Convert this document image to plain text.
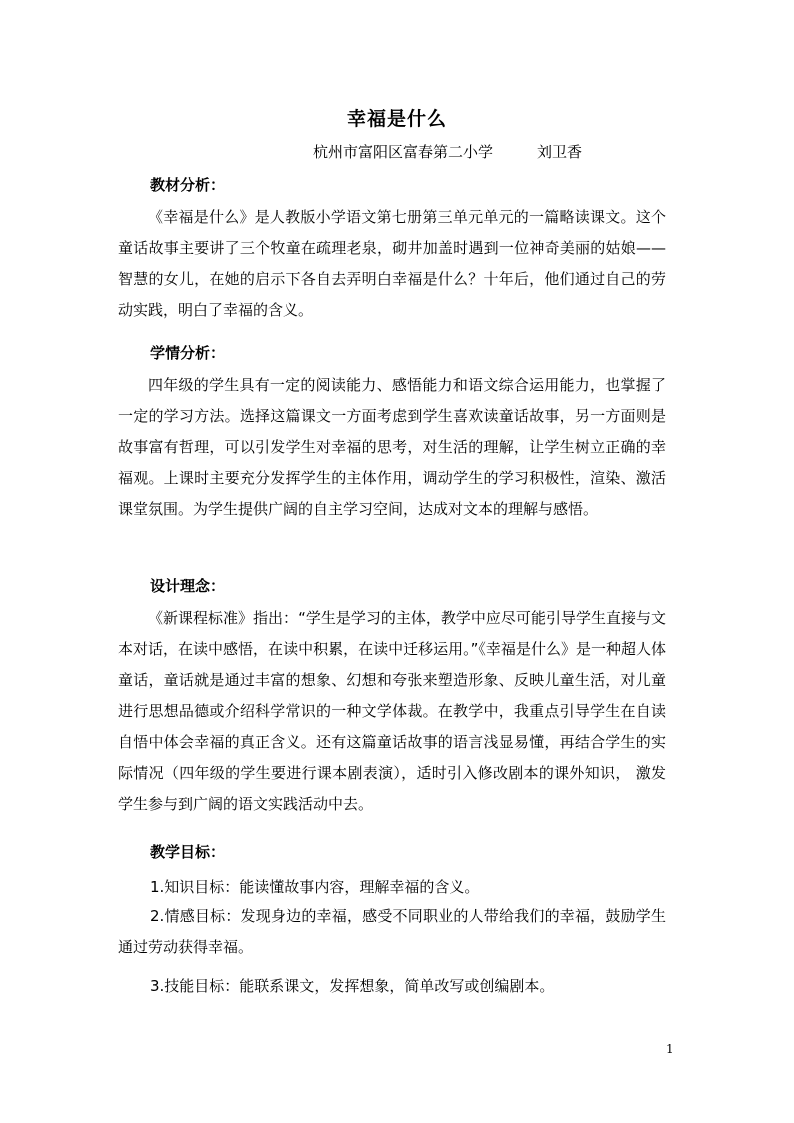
幸福是什么
杭州市富阳区富春第二小学	刘卫香
教材分析：

《幸福是什么》是人教版小学语文第七册第三单元单元的一篇略读课文。这个童话故事主要讲了三个牧童在疏理老泉，砌井加盖时遇到一位神奇美丽的姑娘——智慧的女儿，在她的启示下各自去弄明白幸福是什么？十年后，他们通过自己的劳动实践，明白了幸福的含义。

学情分析：

四年级的学生具有一定的阅读能力、感悟能力和语文综合运用能力，也掌握了一定的学习方法。选择这篇课文一方面考虑到学生喜欢读童话故事，另一方面则是故事富有哲理，可以引发学生对幸福的思考，对生活的理解，让学生树立正确的幸福观。上课时主要充分发挥学生的主体作用，调动学生的学习积极性，渲染、激活课堂氛围。为学生提供广阔的自主学习空间，达成对文本的理解与感悟。

设计理念：

《新课程标准》指出：“学生是学习的主体，教学中应尽可能引导学生直接与文本对话，在读中感悟，在读中积累，在读中迁移运用。”《幸福是什么》是一种超人体童话，童话就是通过丰富的想象、幻想和夸张来塑造形象、反映儿童生活，对儿童进行思想品德或介绍科学常识的一种文学体裁。在教学中，我重点引导学生在自读自悟中体会幸福的真正含义。还有这篇童话故事的语言浅显易懂，再结合学生的实际情况（四年级的学生要进行课本剧表演），适时引入修改剧本的课外知识， 激发学生参与到广阔的语文实践活动中去。

教学目标：
1.知识目标：能读懂故事内容，理解幸福的含义。

2.情感目标：发现身边的幸福，感受不同职业的人带给我们的幸福，鼓励学生通过劳动获得幸福。

3.技能目标：能联系课文，发挥想象，简单改写或创编剧本。
1
